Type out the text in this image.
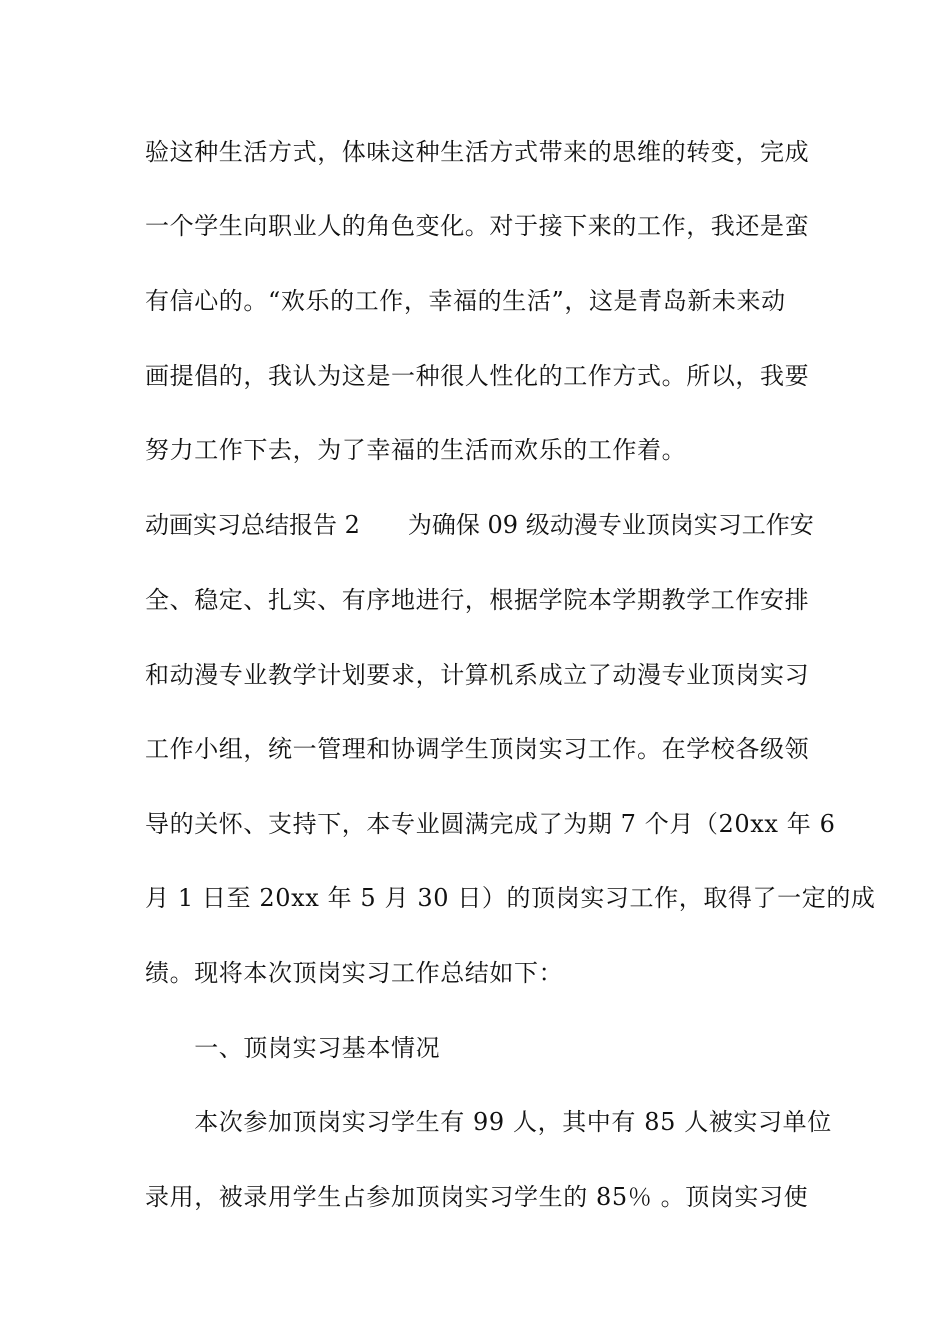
验这种生活方式，体味这种生活方式带来的思维的转变，完成
一个学生向职业人的角色变化。对于接下来的工作，我还是蛮
有信心的。“欢乐的工作，幸福的生活”，这是青岛新未来动
画提倡的，我认为这是一种很人性化的工作方式。所以，我要
努力工作下去，为了幸福的生活而欢乐的工作着。
动画实习总结报告 2　　为确保 09 级动漫专业顶岗实习工作安
全、稳定、扎实、有序地进行，根据学院本学期教学工作安排
和动漫专业教学计划要求，计算机系成立了动漫专业顶岗实习
工作小组，统一管理和协调学生顶岗实习工作。在学校各级领
导的关怀、支持下，本专业圆满完成了为期 7 个月（20xx 年 6
月 1 日至 20xx 年 5 月 30 日）的顶岗实习工作，取得了一定的成
绩。现将本次顶岗实习工作总结如下：
　　一、顶岗实习基本情况
　　本次参加顶岗实习学生有 99 人，其中有 85 人被实习单位
录用，被录用学生占参加顶岗实习学生的 85％ 。顶岗实习使
